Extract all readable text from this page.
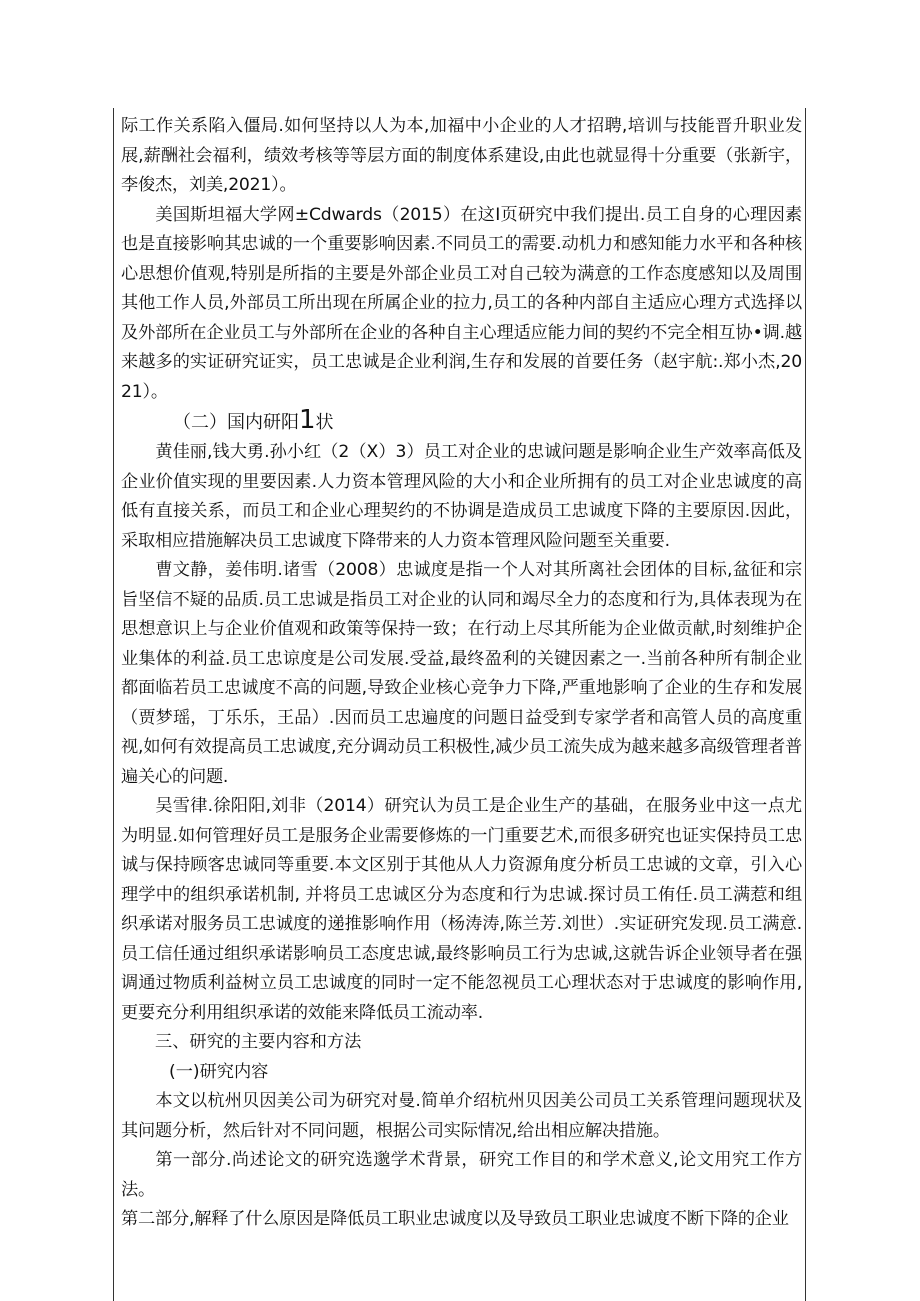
际工作关系陷入僵局.如何坚持以人为本,加福中小企业的人才招聘,培训与技能晋升职业发展,薪酬社会福利，绩效考核等等层方面的制度体系建设,由此也就显得十分重要（张新宇，李俊杰，刘美,2021）。

美国斯坦福大学网±Cdwards（2015）在这I页研究中我们提出.员工自身的心理因素也是直接影响其忠诚的一个重要影响因素.不同员工的需要.动机力和感知能力水平和各种核心思想价值观,特别是所指的主要是外部企业员工对自己较为满意的工作态度感知以及周围其他工作人员,外部员工所出现在所属企业的拉力,员工的各种内部自主适应心理方式选择以及外部所在企业员工与外部所在企业的各种自主心理适应能力间的契约不完全相互协•调.越来越多的实证研究证实，员工忠诚是企业利润,生存和发展的首要任务（赵宇航:.郑小杰,2021）。

（二）国内研阳1状

黄佳丽,钱大勇.孙小红（2（X）3）员工对企业的忠诚问题是影响企业生产效率高低及企业价值实现的里要因素.人力资本管理风险的大小和企业所拥有的员工对企业忠诚度的高低有直接关系，而员工和企业心理契约的不协调是造成员工忠诚度下降的主要原因.因此，采取相应措施解决员工忠诚度下降带来的人力资本管理风险问题至关重要.

曹文静，姜伟明.诸雪（2008）忠诚度是指一个人对其所离社会团体的目标,盆征和宗旨坚信不疑的品质.员工忠诚是指员工对企业的认同和竭尽全力的态度和行为,具体表现为在思想意识上与企业价值观和政策等保持一致；在行动上尽其所能为企业做贡献,时刻维护企业集体的利益.员工忠谅度是公司发展.受益,最终盈利的关键因素之一.当前各种所有制企业都面临若员工忠诚度不高的问题,导致企业核心竞争力下降,严重地影响了企业的生存和发展（贾梦瑶，丁乐乐，王品）.因而员工忠遍度的问题日益受到专家学者和高管人员的高度重视,如何有效提高员工忠诚度,充分调动员工积极性,减少员工流失成为越来越多高级管理者普遍关心的问题.

吴雪律.徐阳阳,刘非（2014）研究认为员工是企业生产的基础，在服务业中这一点尤为明显.如何管理好员工是服务企业需要修炼的一门重要艺术,而很多研究也证实保持员工忠诚与保持顾客忠诚同等重要.本文区别于其他从人力资源角度分析员工忠诚的文章，引入心理学中的组织承诺机制, 并将员工忠诚区分为态度和行为忠诚.探讨员工侑任.员工满惹和组织承诺对服务员工忠诚度的递推影响作用（杨涛涛,陈兰芳.刘世）.实证研究发现.员工满意.员工信任通过组织承诺影响员工态度忠诚,最终影响员工行为忠诚,这就告诉企业领导者在强调通过物质利益树立员工忠诚度的同时一定不能忽视员工心理状态对于忠诚度的影响作用,更要充分利用组织承诺的效能来降低员工流动率.

三、研究的主要内容和方法

(一)研究内容

本文以杭州贝因美公司为研究对曼.简单介绍杭州贝因美公司员工关系管理问题现状及其问题分析，然后针对不同问题，根据公司实际情况,给出相应解决措施。

第一部分.尚述论文的研究选邈学术背景，研究工作目的和学术意义,论文用究工作方法。

第二部分,解释了什么原因是降低员工职业忠诚度以及导致员工职业忠诚度不断下降的企业
